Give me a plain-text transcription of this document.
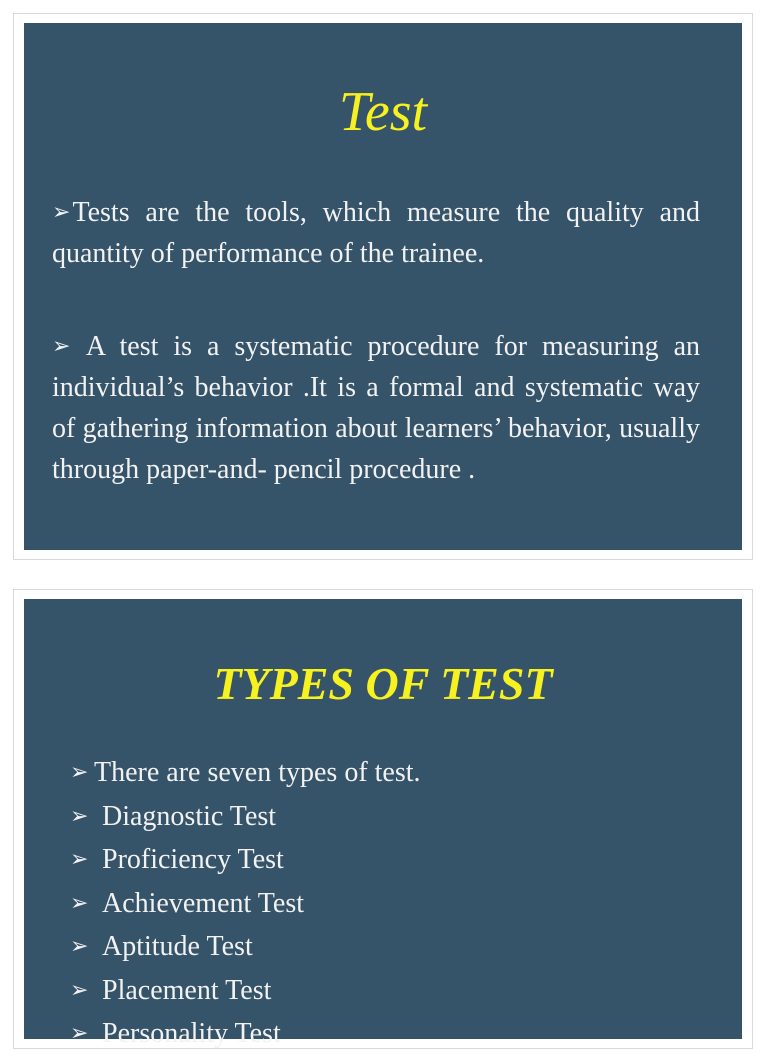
Test
➢Tests are the tools, which measure the quality and quantity of performance of the trainee.
➢ A test is a systematic procedure for measuring an individual’s behavior .It is a formal and systematic way of gathering information about learners’ behavior, usually through paper-and- pencil procedure .
TYPES OF TEST
➢ There are seven types of test.
➢ Diagnostic Test
➢ Proficiency Test
➢ Achievement Test
➢ Aptitude Test
➢ Placement Test
➢ Personality Test
